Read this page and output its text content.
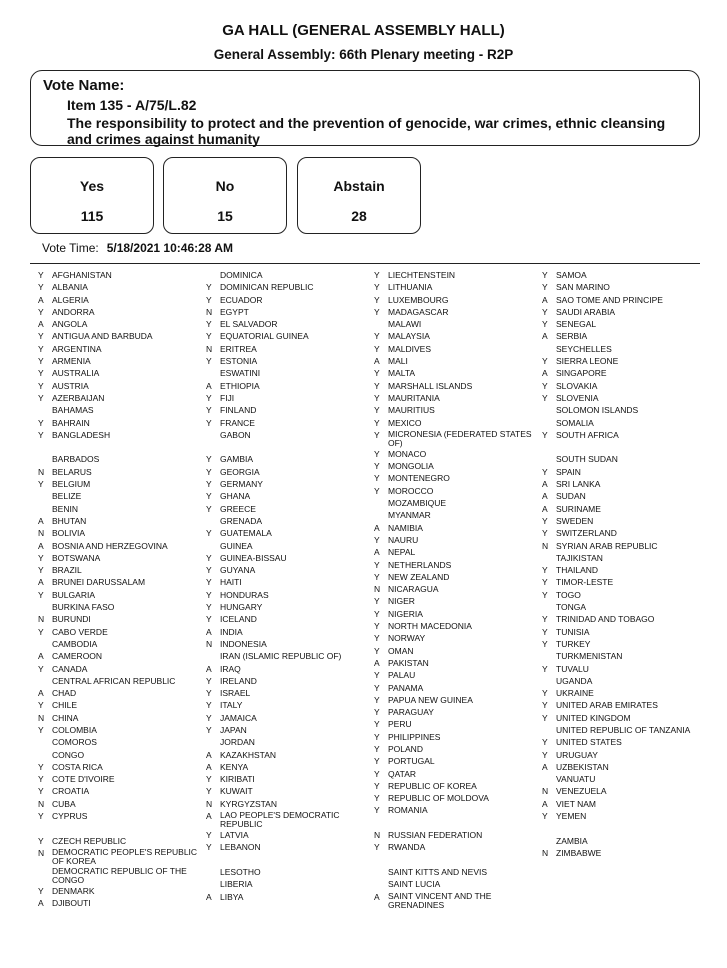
GA HALL (GENERAL ASSEMBLY HALL)
General Assembly: 66th Plenary meeting - R2P
Vote Name:
Item 135 - A/75/L.82
The responsibility to protect and the prevention of genocide, war crimes, ethnic cleansing and crimes against humanity
Yes
115
No
15
Abstain
28
Vote Time: 5/18/2021 10:46:28 AM
Y AFGHANISTAN
Y ALBANIA
A ALGERIA
Y ANDORRA
A ANGOLA
Y ANTIGUA AND BARBUDA
Y ARGENTINA
Y ARMENIA
Y AUSTRALIA
Y AUSTRIA
Y AZERBAIJAN
BAHAMAS
Y BAHRAIN
Y BANGLADESH
BARBADOS
N BELARUS
Y BELGIUM
BELIZE
BENIN
A BHUTAN
N BOLIVIA
A BOSNIA AND HERZEGOVINA
Y BOTSWANA
Y BRAZIL
A BRUNEI DARUSSALAM
Y BULGARIA
BURKINA FASO
N BURUNDI
Y CABO VERDE
CAMBODIA
A CAMEROON
Y CANADA
CENTRAL AFRICAN REPUBLIC
A CHAD
Y CHILE
N CHINA
Y COLOMBIA
COMOROS
CONGO
Y COSTA RICA
Y COTE D'IVOIRE
Y CROATIA
N CUBA
Y CYPRUS
Y CZECH REPUBLIC
N DEMOCRATIC PEOPLE'S REPUBLIC OF KOREA
DEMOCRATIC REPUBLIC OF THE CONGO
Y DENMARK
A DJIBOUTI
DOMINICA
Y DOMINICAN REPUBLIC
Y ECUADOR
N EGYPT
Y EL SALVADOR
Y EQUATORIAL GUINEA
N ERITREA
Y ESTONIA
ESWATINI
A ETHIOPIA
Y FIJI
Y FINLAND
Y FRANCE
GABON
Y GAMBIA
Y GEORGIA
Y GERMANY
Y GHANA
Y GREECE
GRENADA
Y GUATEMALA
GUINEA
Y GUINEA-BISSAU
Y GUYANA
Y HAITI
Y HONDURAS
Y HUNGARY
Y ICELAND
A INDIA
N INDONESIA
IRAN (ISLAMIC REPUBLIC OF)
A IRAQ
Y IRELAND
Y ISRAEL
Y ITALY
Y JAMAICA
Y JAPAN
JORDAN
A KAZAKHSTAN
A KENYA
Y KIRIBATI
Y KUWAIT
N KYRGYZSTAN
A LAO PEOPLE'S DEMOCRATIC REPUBLIC
Y LATVIA
Y LEBANON
LESOTHO
LIBERIA
A LIBYA
Y LIECHTENSTEIN
Y LITHUANIA
Y LUXEMBOURG
Y MADAGASCAR
MALAWI
Y MALAYSIA
Y MALDIVES
A MALI
Y MALTA
Y MARSHALL ISLANDS
Y MAURITANIA
Y MAURITIUS
Y MEXICO
Y MICRONESIA (FEDERATED STATES OF)
Y MONACO
Y MONGOLIA
Y MONTENEGRO
Y MOROCCO
MOZAMBIQUE
MYANMAR
A NAMIBIA
Y NAURU
A NEPAL
Y NETHERLANDS
Y NEW ZEALAND
N NICARAGUA
Y NIGER
Y NIGERIA
Y NORTH MACEDONIA
Y NORWAY
Y OMAN
A PAKISTAN
Y PALAU
Y PANAMA
Y PAPUA NEW GUINEA
Y PARAGUAY
Y PERU
Y PHILIPPINES
Y POLAND
Y PORTUGAL
Y QATAR
Y REPUBLIC OF KOREA
Y REPUBLIC OF MOLDOVA
Y ROMANIA
N RUSSIAN FEDERATION
Y RWANDA
SAINT KITTS AND NEVIS
SAINT LUCIA
A SAINT VINCENT AND THE GRENADINES
Y SAMOA
Y SAN MARINO
A SAO TOME AND PRINCIPE
Y SAUDI ARABIA
Y SENEGAL
A SERBIA
SEYCHELLES
Y SIERRA LEONE
A SINGAPORE
Y SLOVAKIA
Y SLOVENIA
SOLOMON ISLANDS
SOMALIA
Y SOUTH AFRICA
SOUTH SUDAN
Y SPAIN
A SRI LANKA
A SUDAN
A SURINAME
Y SWEDEN
Y SWITZERLAND
N SYRIAN ARAB REPUBLIC
TAJIKISTAN
Y THAILAND
Y TIMOR-LESTE
Y TOGO
TONGA
Y TRINIDAD AND TOBAGO
Y TUNISIA
Y TURKEY
TURKMENISTAN
Y TUVALU
UGANDA
Y UKRAINE
Y UNITED ARAB EMIRATES
Y UNITED KINGDOM
UNITED REPUBLIC OF TANZANIA
Y UNITED STATES
Y URUGUAY
A UZBEKISTAN
VANUATU
N VENEZUELA
A VIET NAM
Y YEMEN
ZAMBIA
N ZIMBABWE
